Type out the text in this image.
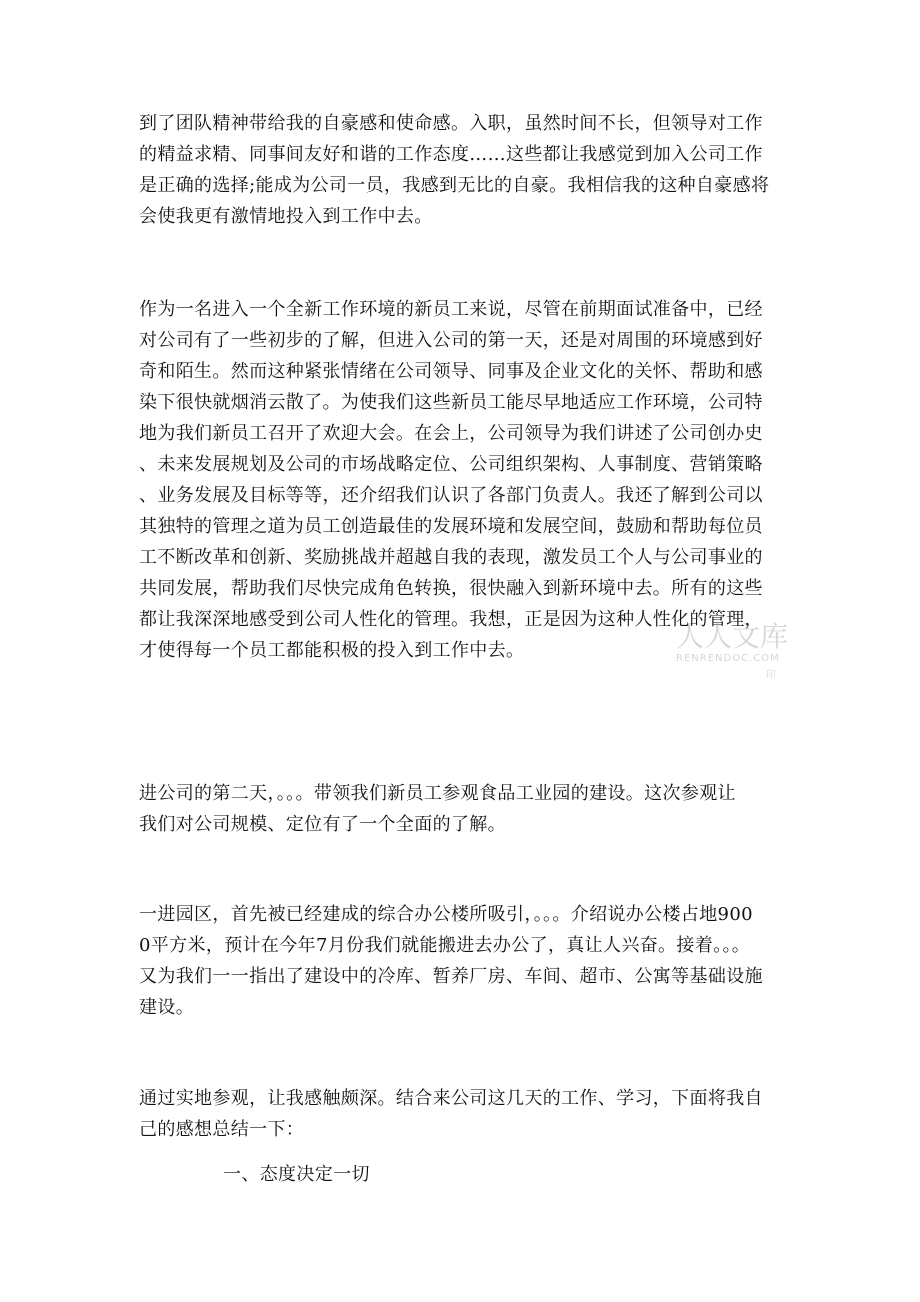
到了团队精神带给我的自豪感和使命感。入职，虽然时间不长，但领导对工作
的精益求精、同事间友好和谐的工作态度……这些都让我感觉到加入公司工作
是正确的选择;能成为公司一员，我感到无比的自豪。我相信我的这种自豪感将
会使我更有激情地投入到工作中去。
作为一名进入一个全新工作环境的新员工来说，尽管在前期面试准备中，已经
对公司有了一些初步的了解，但进入公司的第一天，还是对周围的环境感到好
奇和陌生。然而这种紧张情绪在公司领导、同事及企业文化的关怀、帮助和感
染下很快就烟消云散了。为使我们这些新员工能尽早地适应工作环境，公司特
地为我们新员工召开了欢迎大会。在会上，公司领导为我们讲述了公司创办史
、未来发展规划及公司的市场战略定位、公司组织架构、人事制度、营销策略
、业务发展及目标等等，还介绍我们认识了各部门负责人。我还了解到公司以
其独特的管理之道为员工创造最佳的发展环境和发展空间，鼓励和帮助每位员
工不断改革和创新、奖励挑战并超越自我的表现，激发员工个人与公司事业的
共同发展，帮助我们尽快完成角色转换，很快融入到新环境中去。所有的这些
都让我深深地感受到公司人性化的管理。我想，正是因为这种人性化的管理，
才使得每一个员工都能积极的投入到工作中去。
进公司的第二天，。。。带领我们新员工参观食品工业园的建设。这次参观让
我们对公司规模、定位有了一个全面的了解。
一进园区，首先被已经建成的综合办公楼所吸引，。。。介绍说办公楼占地900
0平方米，预计在今年7月份我们就能搬进去办公了，真让人兴奋。接着。。。
又为我们一一指出了建设中的冷库、暂养厂房、车间、超市、公寓等基础设施
建设。
通过实地参观，让我感触颇深。结合来公司这几天的工作、学习，下面将我自
己的感想总结一下：
一、态度决定一切
人人文库
RENRENDOC.COM
印
